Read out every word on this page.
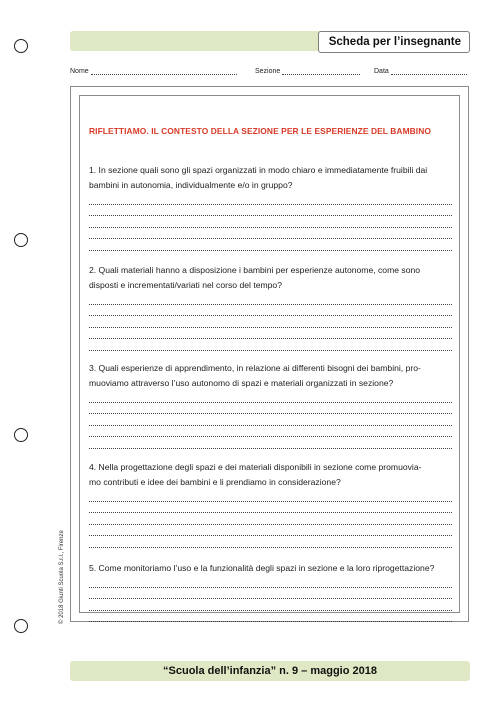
Scheda per l’insegnante
Nome	Sezione	Data
RIFLETTIAMO. IL CONTESTO DELLA SEZIONE PER LE ESPERIENZE DEL BAMBINO
1. In sezione quali sono gli spazi organizzati in modo chiaro e immediatamente fruibili dai
bambini in autonomia, individualmente e/o in gruppo?
2. Quali materiali hanno a disposizione i bambini per esperienze autonome, come sono
disposti e incrementati/variati nel corso del tempo?
3. Quali esperienze di apprendimento, in relazione ai differenti bisogni dei bambini, pro-
muoviamo attraverso l’uso autonomo di spazi e materiali organizzati in sezione?
4. Nella progettazione degli spazi e dei materiali disponibili in sezione come promuovia-
mo contributi e idee dei bambini e li prendiamo in considerazione?
5. Come monitoriamo l’uso e la funzionalità degli spazi in sezione e la loro riprogettazione?
© 2018 Giunti Scuola S.r.l., Firenze
“Scuola dell’infanzia” n. 9 – maggio 2018
